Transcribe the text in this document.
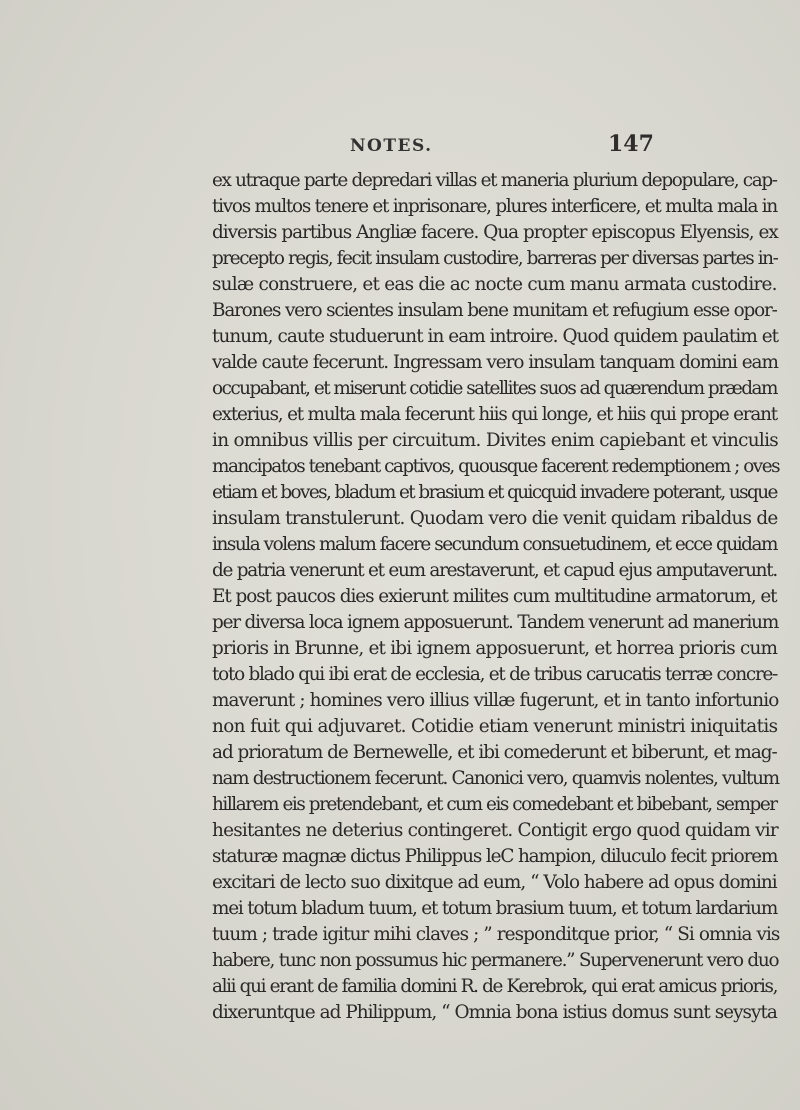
NOTES.	147
ex utraque parte depredari villas et maneria plurium depopulare, cap-
tivos multos tenere et inprisonare, plures interficere, et multa mala in
diversis partibus Angliæ facere. Qua propter episcopus Elyensis, ex
precepto regis, fecit insulam custodire, barreras per diversas partes in-
sulæ construere, et eas die ac nocte cum manu armata custodire.
Barones vero scientes insulam bene munitam et refugium esse opor-
tunum, caute studuerunt in eam introire. Quod quidem paulatim et
valde caute fecerunt. Ingressam vero insulam tanquam domini eam
occupabant, et miserunt cotidie satellites suos ad quærendum prædam
exterius, et multa mala fecerunt hiis qui longe, et hiis qui prope erant
in omnibus villis per circuitum. Divites enim capiebant et vinculis
mancipatos tenebant captivos, quousque facerent redemptionem ; oves
etiam et boves, bladum et brasium et quicquid invadere poterant, usque
insulam transtulerunt. Quodam vero die venit quidam ribaldus de
insula volens malum facere secundum consuetudinem, et ecce quidam
de patria venerunt et eum arestaverunt, et capud ejus amputaverunt.
Et post paucos dies exierunt milites cum multitudine armatorum, et
per diversa loca ignem apposuerunt. Tandem venerunt ad manerium
prioris in Brunne, et ibi ignem apposuerunt, et horrea prioris cum
toto blado qui ibi erat de ecclesia, et de tribus carucatis terræ concre-
maverunt ; homines vero illius villæ fugerunt, et in tanto infortunio
non fuit qui adjuvaret. Cotidie etiam venerunt ministri iniquitatis
ad prioratum de Bernewelle, et ibi comederunt et biberunt, et mag-
nam destructionem fecerunt. Canonici vero, quamvis nolentes, vultum
hillarem eis pretendebant, et cum eis comedebant et bibebant, semper
hesitantes ne deterius contingeret. Contigit ergo quod quidam vir
staturæ magnæ dictus Philippus leC hampion, diluculo fecit priorem
excitari de lecto suo dixitque ad eum, “ Volo habere ad opus domini
mei totum bladum tuum, et totum brasium tuum, et totum lardarium
tuum ; trade igitur mihi claves ; ” responditque prior, “ Si omnia vis
habere, tunc non possumus hic permanere.” Supervenerunt vero duo
alii qui erant de familia domini R. de Kerebrok, qui erat amicus prioris,
dixeruntque ad Philippum, “ Omnia bona istius domus sunt seysyta
